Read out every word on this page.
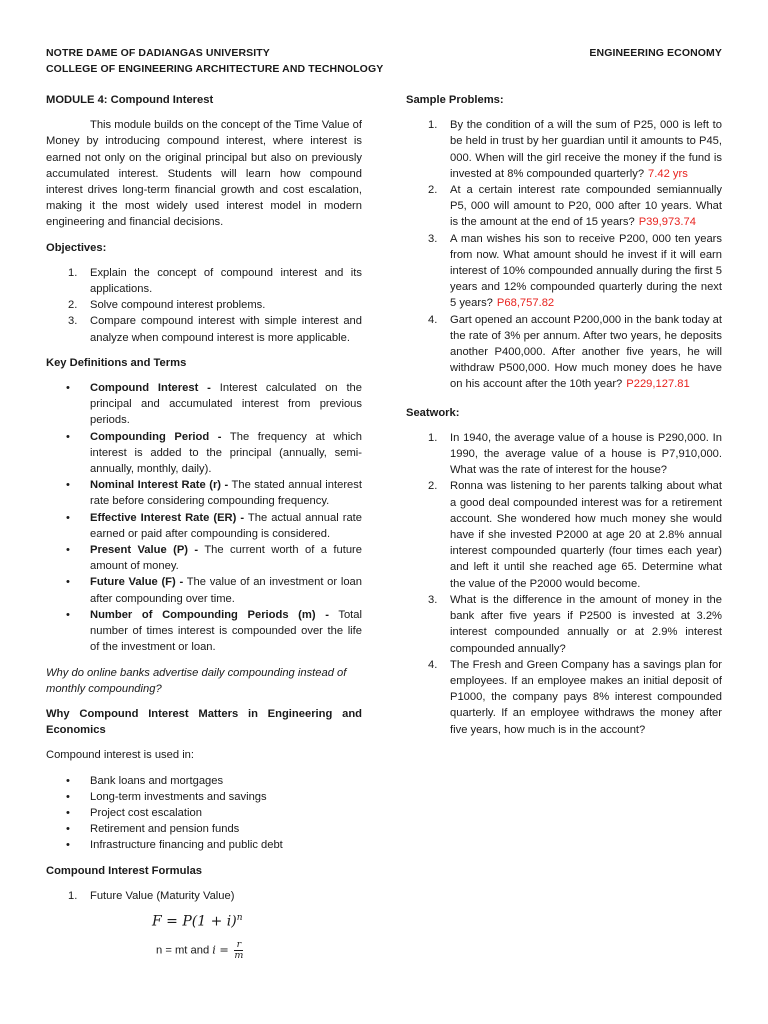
NOTRE DAME OF DADIANGAS UNIVERSITY
COLLEGE OF ENGINEERING ARCHITECTURE AND TECHNOLOGY
ENGINEERING ECONOMY
MODULE 4: Compound Interest

This module builds on the concept of the Time Value of Money by introducing compound interest, where interest is earned not only on the original principal but also on previously accumulated interest. Students will learn how compound interest drives long-term financial growth and cost escalation, making it the most widely used interest model in modern engineering and financial decisions.

Objectives:
1. Explain the concept of compound interest and its applications.
2. Solve compound interest problems.
3. Compare compound interest with simple interest and analyze when compound interest is more applicable.
Key Definitions and Terms
• Compound Interest - Interest calculated on the principal and accumulated interest from previous periods.
• Compounding Period - The frequency at which interest is added to the principal (annually, semi-annually, monthly, daily).
• Nominal Interest Rate (r) - The stated annual interest rate before considering compounding frequency.
• Effective Interest Rate (ER) - The actual annual rate earned or paid after compounding is considered.
• Present Value (P) - The current worth of a future amount of money.
• Future Value (F) - The value of an investment or loan after compounding over time.
• Number of Compounding Periods (m) - Total number of times interest is compounded over the life of the investment or loan.

Why do online banks advertise daily compounding instead of monthly compounding?

Why Compound Interest Matters in Engineering and Economics

Compound interest is used in:

• Bank loans and mortgages
• Long-term investments and savings
• Project cost escalation
• Retirement and pension funds
• Infrastructure financing and public debt
Compound Interest Formulas
1. Future Value (Maturity Value)
$F = P(1 + i)^n$
n = mt and $i = \frac{r}{m}$
Sample Problems:
1. By the condition of a will the sum of P25, 000 is left to be held in trust by her guardian until it amounts to P45, 000. When will the girl receive the money if the fund is invested at 8% compounded quarterly? 7.42 yrs
2. At a certain interest rate compounded semiannually P5, 000 will amount to P20, 000 after 10 years. What is the amount at the end of 15 years? P39,973.74
3. A man wishes his son to receive P200, 000 ten years from now. What amount should he invest if it will earn interest of 10% compounded annually during the first 5 years and 12% compounded quarterly during the next 5 years? P68,757.82
4. Gart opened an account P200,000 in the bank today at the rate of 3% per annum. After two years, he deposits another P400,000. After another five years, he will withdraw P500,000. How much money does he have on his account after the 10th year? P229,127.81
Seatwork:
1. In 1940, the average value of a house is P290,000. In 1990, the average value of a house is P7,910,000. What was the rate of interest for the house?
2. Ronna was listening to her parents talking about what a good deal compounded interest was for a retirement account. She wondered how much money she would have if she invested P2000 at age 20 at 2.8% annual interest compounded quarterly (four times each year) and left it until she reached age 65. Determine what the value of the P2000 would become.
3. What is the difference in the amount of money in the bank after five years if P2500 is invested at 3.2% interest compounded annually or at 2.9% interest compounded annually?
4. The Fresh and Green Company has a savings plan for employees. If an employee makes an initial deposit of P1000, the company pays 8% interest compounded quarterly. If an employee withdraws the money after five years, how much is in the account?
